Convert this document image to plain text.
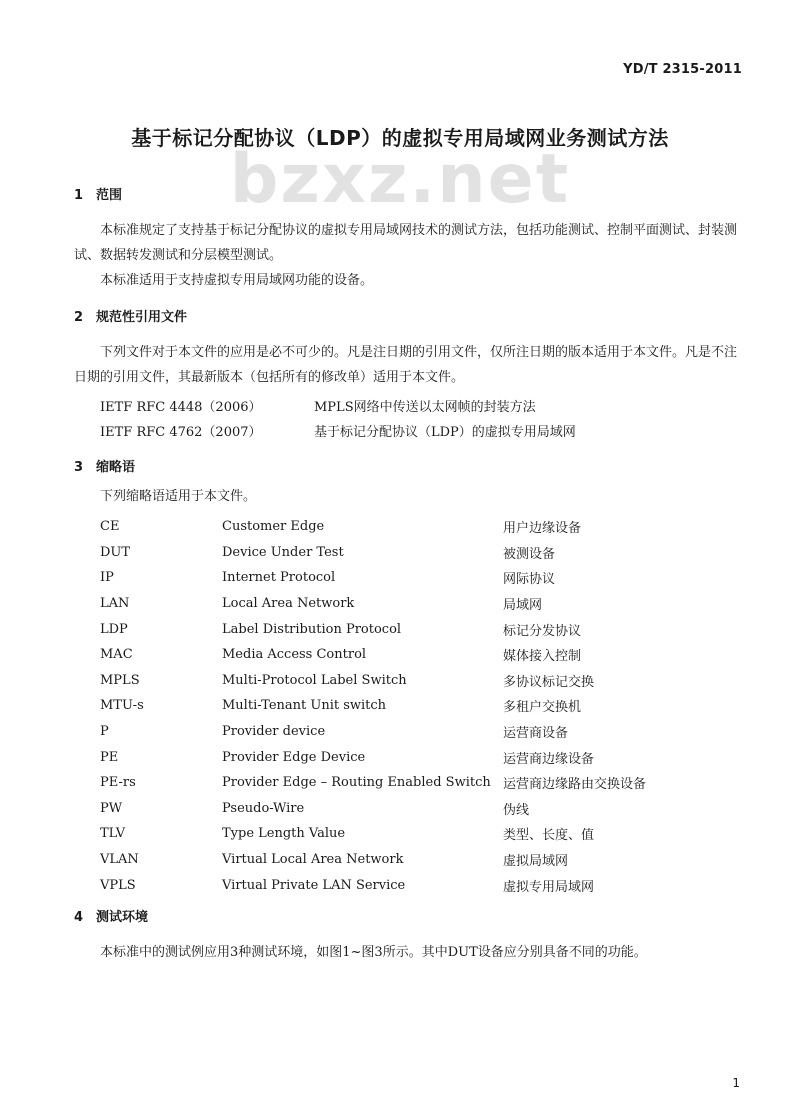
YD/T 2315-2011
bzxz.net
基于标记分配协议（LDP）的虚拟专用局域网业务测试方法
1 范围
本标准规定了支持基于标记分配协议的虚拟专用局域网技术的测试方法，包括功能测试、控制平面测试、封装测试、数据转发测试和分层模型测试。
本标准适用于支持虚拟专用局域网功能的设备。
2 规范性引用文件
下列文件对于本文件的应用是必不可少的。凡是注日期的引用文件，仅所注日期的版本适用于本文件。凡是不注日期的引用文件，其最新版本（包括所有的修改单）适用于本文件。
IETF RFC 4448（2006）	MPLS网络中传送以太网帧的封装方法
IETF RFC 4762（2007）	基于标记分配协议（LDP）的虚拟专用局域网
3 缩略语
下列缩略语适用于本文件。
CE	Customer Edge	用户边缘设备
DUT	Device Under Test	被测设备
IP	Internet Protocol	网际协议
LAN	Local Area Network	局域网
LDP	Label Distribution Protocol	标记分发协议
MAC	Media Access Control	媒体接入控制
MPLS	Multi-Protocol Label Switch	多协议标记交换
MTU-s	Multi-Tenant Unit switch	多租户交换机
P	Provider device	运营商设备
PE	Provider Edge Device	运营商边缘设备
PE-rs	Provider Edge – Routing Enabled Switch 运营商边缘路由交换设备
PW	Pseudo-Wire	伪线
TLV	Type Length Value	类型、长度、值
VLAN	Virtual Local Area Network	虚拟局域网
VPLS	Virtual Private LAN Service	虚拟专用局域网
4 测试环境
本标准中的测试例应用3种测试环境，如图1~图3所示。其中DUT设备应分别具备不同的功能。
1
